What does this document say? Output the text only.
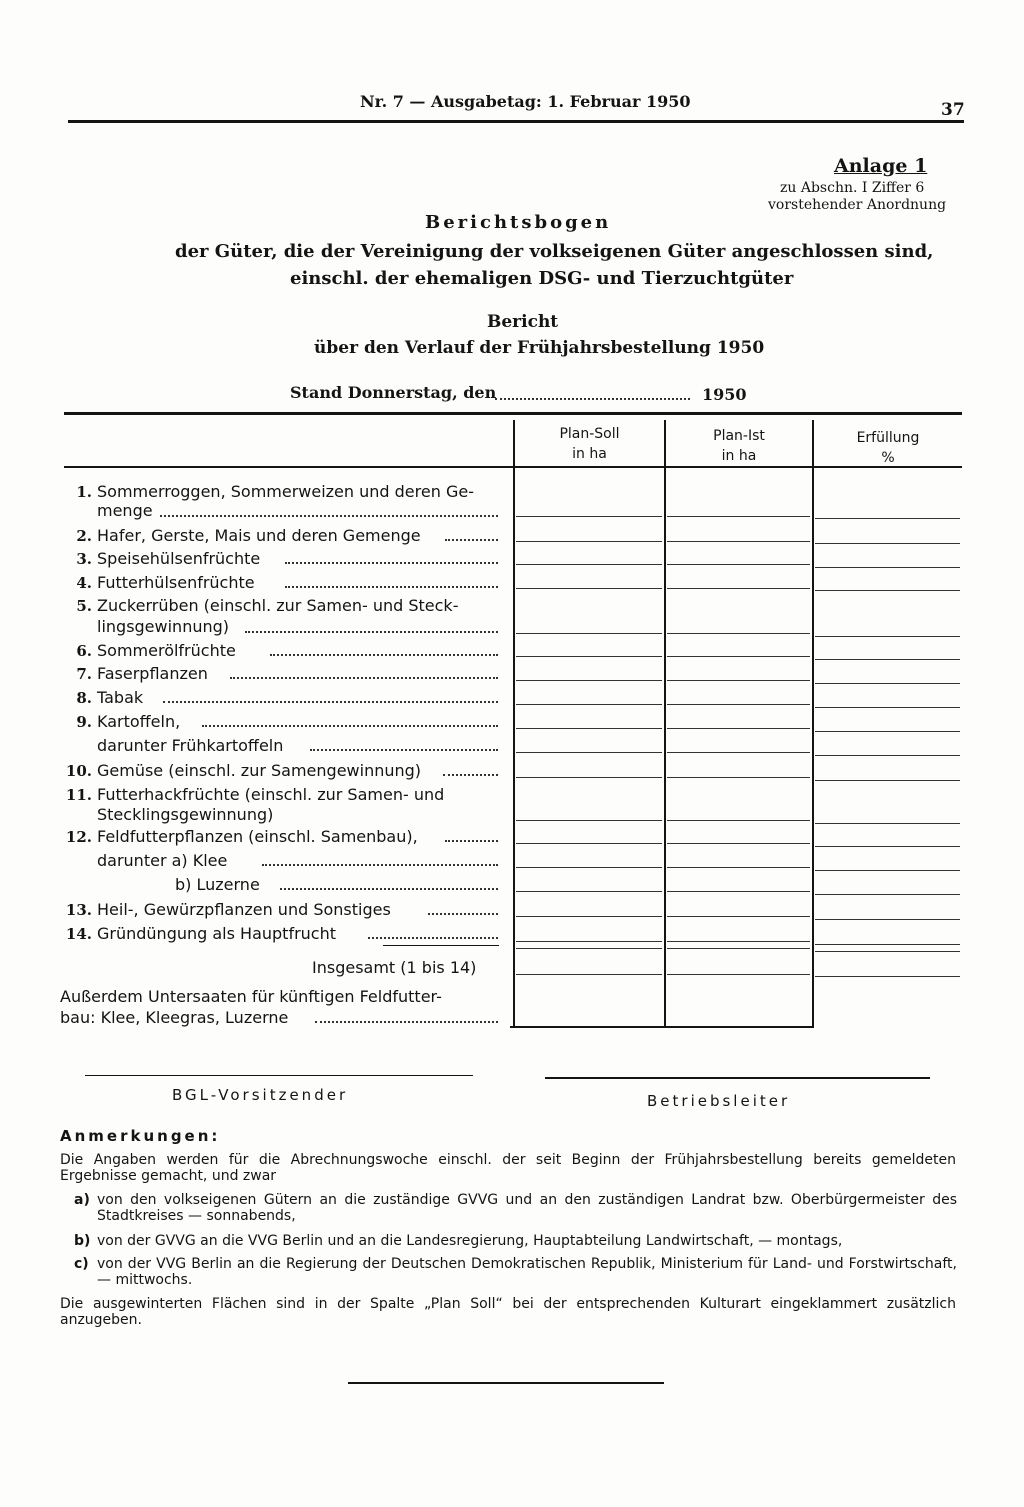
Nr. 7 — Ausgabetag: 1. Februar 1950	37
Anlage 1
zu Abschn. I Ziffer 6
vorstehender Anordnung
Berichtsbogen
der Güter, die der Vereinigung der volkseigenen Güter angeschlossen sind,
einschl. der ehemaligen DSG- und Tierzuchtgüter
Bericht
über den Verlauf der Frühjahrsbestellung 1950
Stand Donnerstag, den	1950
Plan-Soll
in ha
Plan-Ist
in ha
Erfüllung
%
1. Sommerroggen, Sommerweizen und deren Ge-
menge
2. Hafer, Gerste, Mais und deren Gemenge
3. Speisehülsenfrüchte
4. Futterhülsenfrüchte
5. Zuckerrüben (einschl. zur Samen- und Steck-
lingsgewinnung)
6. Sommerölfrüchte
7. Faserpflanzen
8. Tabak
9. Kartoffeln,
darunter Frühkartoffeln
10. Gemüse (einschl. zur Samengewinnung)
11. Futterhackfrüchte (einschl. zur Samen- und
Stecklingsgewinnung)
12. Feldfutterpflanzen (einschl. Samenbau),
darunter a) Klee
b) Luzerne
13. Heil-, Gewürzpflanzen und Sonstiges
14. Gründüngung als Hauptfrucht
Insgesamt (1 bis 14)
Außerdem Untersaaten für künftigen Feldfutter-
bau: Klee, Kleegras, Luzerne
BGL-Vorsitzender	Betriebsleiter
Anmerkungen:
Die Angaben werden für die Abrechnungswoche einschl. der seit Beginn der Frühjahrsbestellung bereits gemeldeten Ergebnisse gemacht, und zwar
a) von den volkseigenen Gütern an die zuständige GVVG und an den zuständigen Landrat bzw. Oberbürgermeister des Stadtkreises — sonnabends,
b) von der GVVG an die VVG Berlin und an die Landesregierung, Hauptabteilung Landwirtschaft, — montags,
c) von der VVG Berlin an die Regierung der Deutschen Demokratischen Republik, Ministerium für Land- und Forstwirtschaft, — mittwochs.
Die ausgewinterten Flächen sind in der Spalte „Plan Soll“ bei der entsprechenden Kulturart eingeklammert zusätzlich anzugeben.
